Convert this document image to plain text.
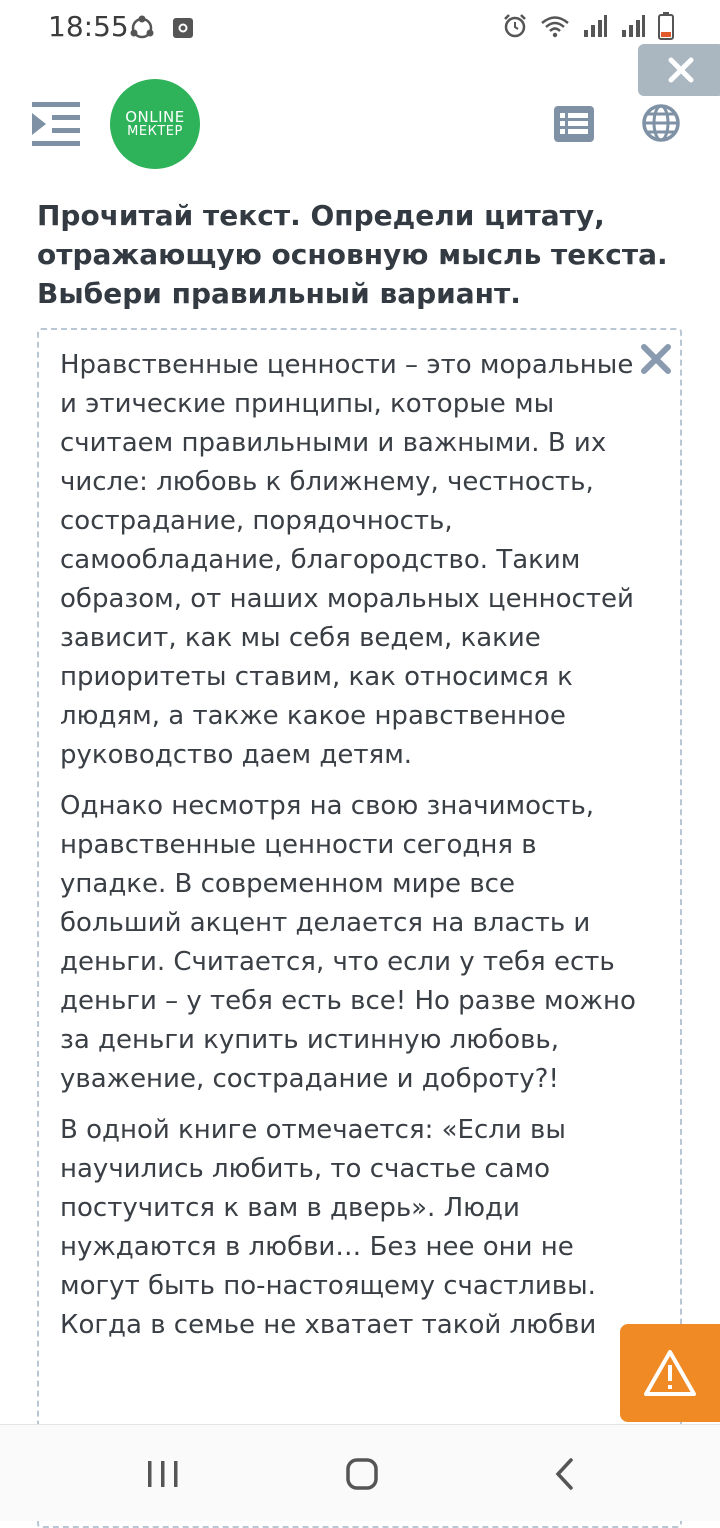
18:55
ONLINE
МЕКТЕР
Прочитай текст. Определи цитату, отражающую основную мысль текста. Выбери правильный вариант.

Нравственные ценности – это моральные и этические принципы, которые мы считаем правильными и важными. В их числе: любовь к ближнему, честность, сострадание, порядочность, самообладание, благородство. Таким образом, от наших моральных ценностей зависит, как мы себя ведем, какие приоритеты ставим, как относимся к людям, а также какое нравственное руководство даем детям.

Однако несмотря на свою значимость, нравственные ценности сегодня в упадке. В современном мире все больший акцент делается на власть и деньги. Считается, что если у тебя есть деньги – у тебя есть все! Но разве можно за деньги купить истинную любовь, уважение, сострадание и доброту?!

В одной книге отмечается: «Если вы научились любить, то счастье само постучится к вам в дверь». Люди нуждаются в любви… Без нее они не могут быть по-настоящему счастливы. Когда в семье не хватает такой любви
